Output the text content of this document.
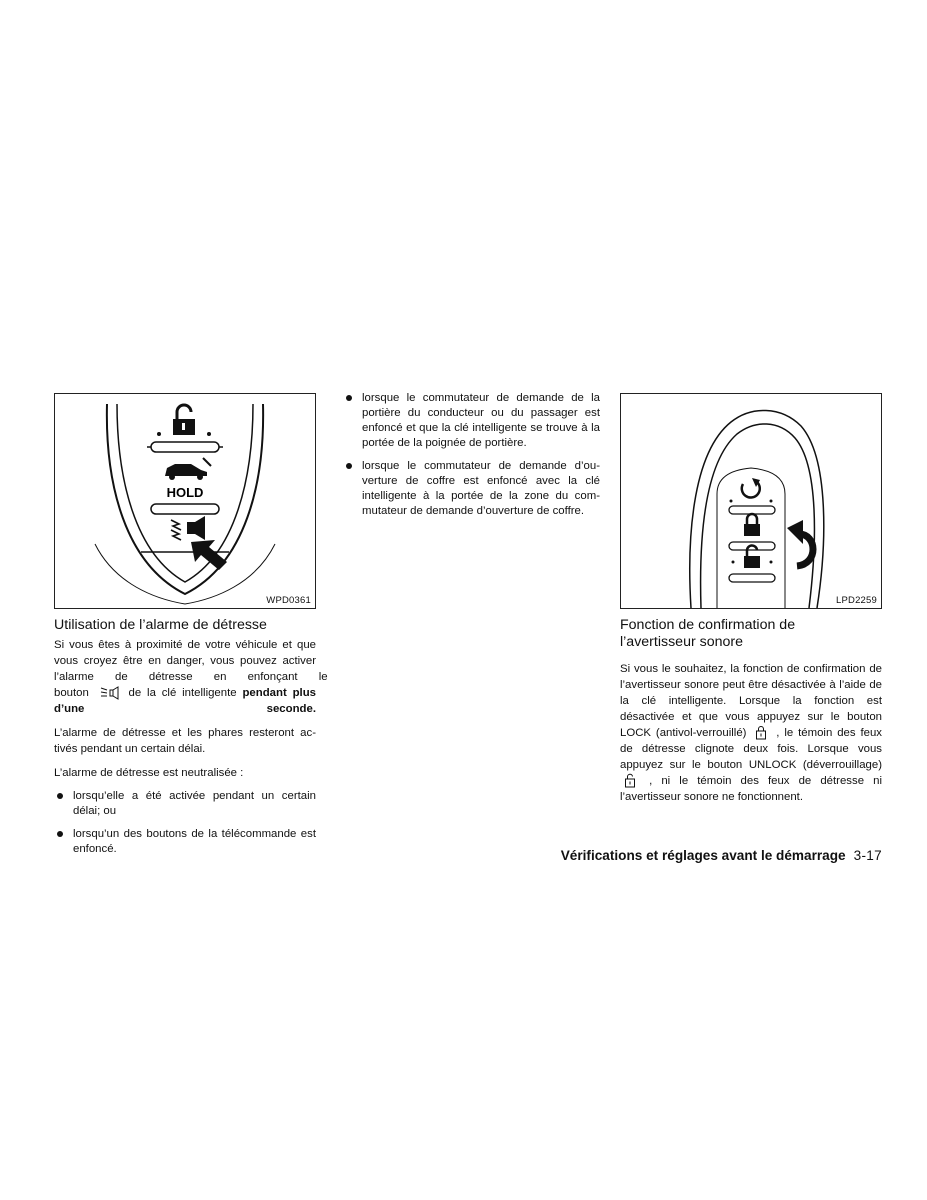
HOLD
WPD0361
Utilisation de l’alarme de détresse

Si vous êtes à proximité de votre véhicule et que
vous croyez être en danger, vous pouvez activer
l’alarme de détresse en enfonçant le
bouton	de la clé intelligente pendant plus d’une seconde.

L’alarme de détresse et les phares resteront ac-tivés pendant un certain délai.

L’alarme de détresse est neutralisée :

lorsqu’elle a été activée pendant un certain délai; ou
lorsqu’un des boutons de la télécommande est enfoncé.
lorsque le commutateur de demande de la portière du conducteur ou du passager est enfoncé et que la clé intelligente se trouve à la portée de la poignée de portière.
lorsque le commutateur de demande d’ou-verture de coffre est enfoncé avec la clé intelligente à la portée de la zone du com-mutateur de demande d’ouverture de coffre.
LPD2259
Fonction de confirmation de
l’avertisseur sonore

Si vous le souhaitez, la fonction de confirmation de l’avertisseur sonore peut être désactivée à l’aide de la clé intelligente. Lorsque la fonction est désactivée et que vous appuyez sur le bouton LOCK (antivol-verrouillé)	, le témoin des feux de détresse clignote deux fois. Lorsque vous appuyez sur le bouton UNLOCK (déverrouillage)  , ni le témoin des feux de détresse ni l’avertisseur sonore ne fonctionnent.

Vérifications et réglages avant le démarrage 3-17
